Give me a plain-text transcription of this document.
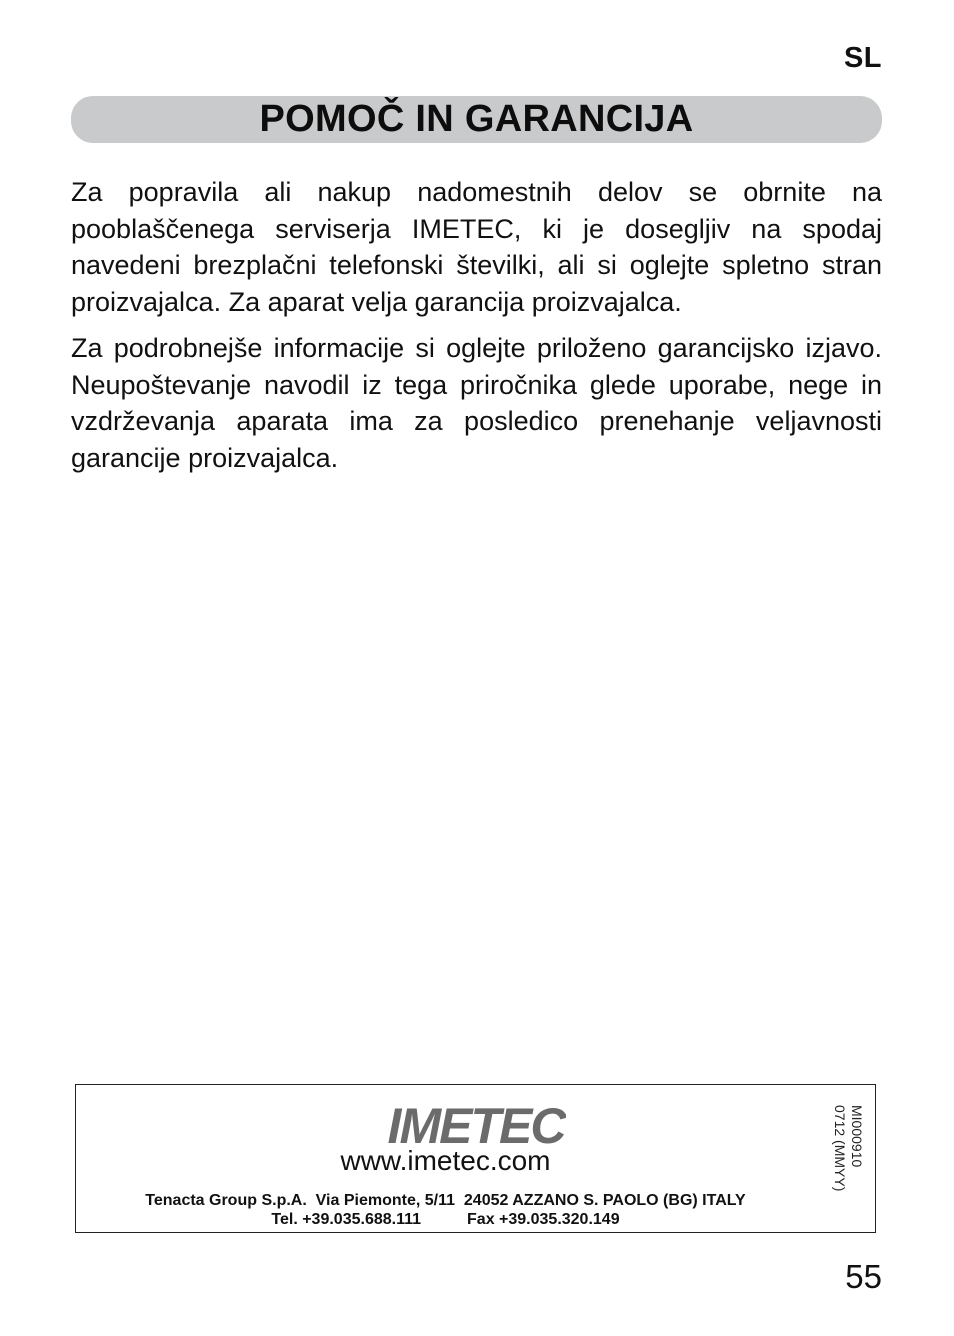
SL
POMOČ IN GARANCIJA

Za popravila ali nakup nadomestnih delov se obrnite na pooblaščenega serviserja IMETEC, ki je dosegljiv na spodaj navedeni brezplačni telefonski številki, ali si oglejte spletno stran proizvajalca. Za aparat velja garancija proizvajalca.

Za podrobnejše informacije si oglejte priloženo garancijsko izjavo. Neupoštevanje navodil iz tega priročnika glede uporabe, nege in vzdrževanja aparata ima za posledico prenehanje veljavnosti garancije proizvajalca.

IMETEC
www.imetec.com
Tenacta Group S.p.A.  Via Piemonte, 5/11  24052 AZZANO S. PAOLO (BG) ITALY
Tel. +39.035.688.111	Fax +39.035.320.149
MI000910
0712 (MMYY)
55
